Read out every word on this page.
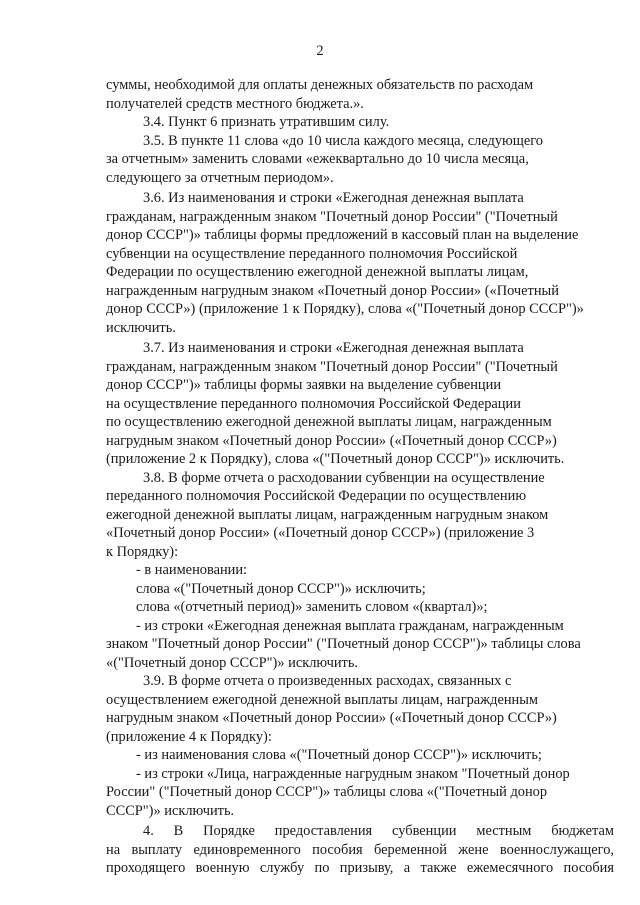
2

суммы, необходимой для оплаты денежных обязательств по расходам
получателей средств местного бюджета.».

3.4. Пункт 6 признать утратившим силу.

3.5. В пункте 11 слова «до 10 числа каждого месяца, следующего
за отчетным» заменить словами «ежеквартально до 10 числа месяца,
следующего за отчетным периодом».

3.6. Из наименования и строки «Ежегодная денежная выплата
гражданам, награжденным знаком "Почетный донор России" ("Почетный
донор СССР")» таблицы формы предложений в кассовый план на выделение
субвенции на осуществление переданного полномочия Российской
Федерации по осуществлению ежегодной денежной выплаты лицам,
награжденным нагрудным знаком «Почетный донор России» («Почетный
донор СССР») (приложение 1 к Порядку), слова «("Почетный донор СССР")»
исключить.

3.7. Из наименования и строки «Ежегодная денежная выплата
гражданам, награжденным знаком "Почетный донор России" ("Почетный
донор СССР")» таблицы формы заявки на выделение субвенции
на осуществление переданного полномочия Российской Федерации
по осуществлению ежегодной денежной выплаты лицам, награжденным
нагрудным знаком «Почетный донор России» («Почетный донор СССР»)
(приложение 2 к Порядку), слова «("Почетный донор СССР")» исключить.

3.8. В форме отчета о расходовании субвенции на осуществление
переданного полномочия Российской Федерации по осуществлению
ежегодной денежной выплаты лицам, награжденным нагрудным знаком
«Почетный донор России» («Почетный донор СССР») (приложение 3
к Порядку):

- в наименовании:

слова «("Почетный донор СССР")» исключить;

слова «(отчетный период)» заменить словом «(квартал)»;

- из строки «Ежегодная денежная выплата гражданам, награжденным
знаком "Почетный донор России" ("Почетный донор СССР")» таблицы слова
«("Почетный донор СССР")» исключить.

3.9. В форме отчета о произведенных расходах, связанных с
осуществлением ежегодной денежной выплаты лицам, награжденным
нагрудным знаком «Почетный донор России» («Почетный донор СССР»)
(приложение 4 к Порядку):

- из наименования слова «("Почетный донор СССР")» исключить;

- из строки «Лица, награжденные нагрудным знаком "Почетный донор
России" ("Почетный донор СССР")» таблицы слова «("Почетный донор
СССР")» исключить.

4. В Порядке предоставления субвенции местным бюджетам
на выплату единовременного пособия беременной жене военнослужащего,
проходящего военную службу по призыву, а также ежемесячного пособия
